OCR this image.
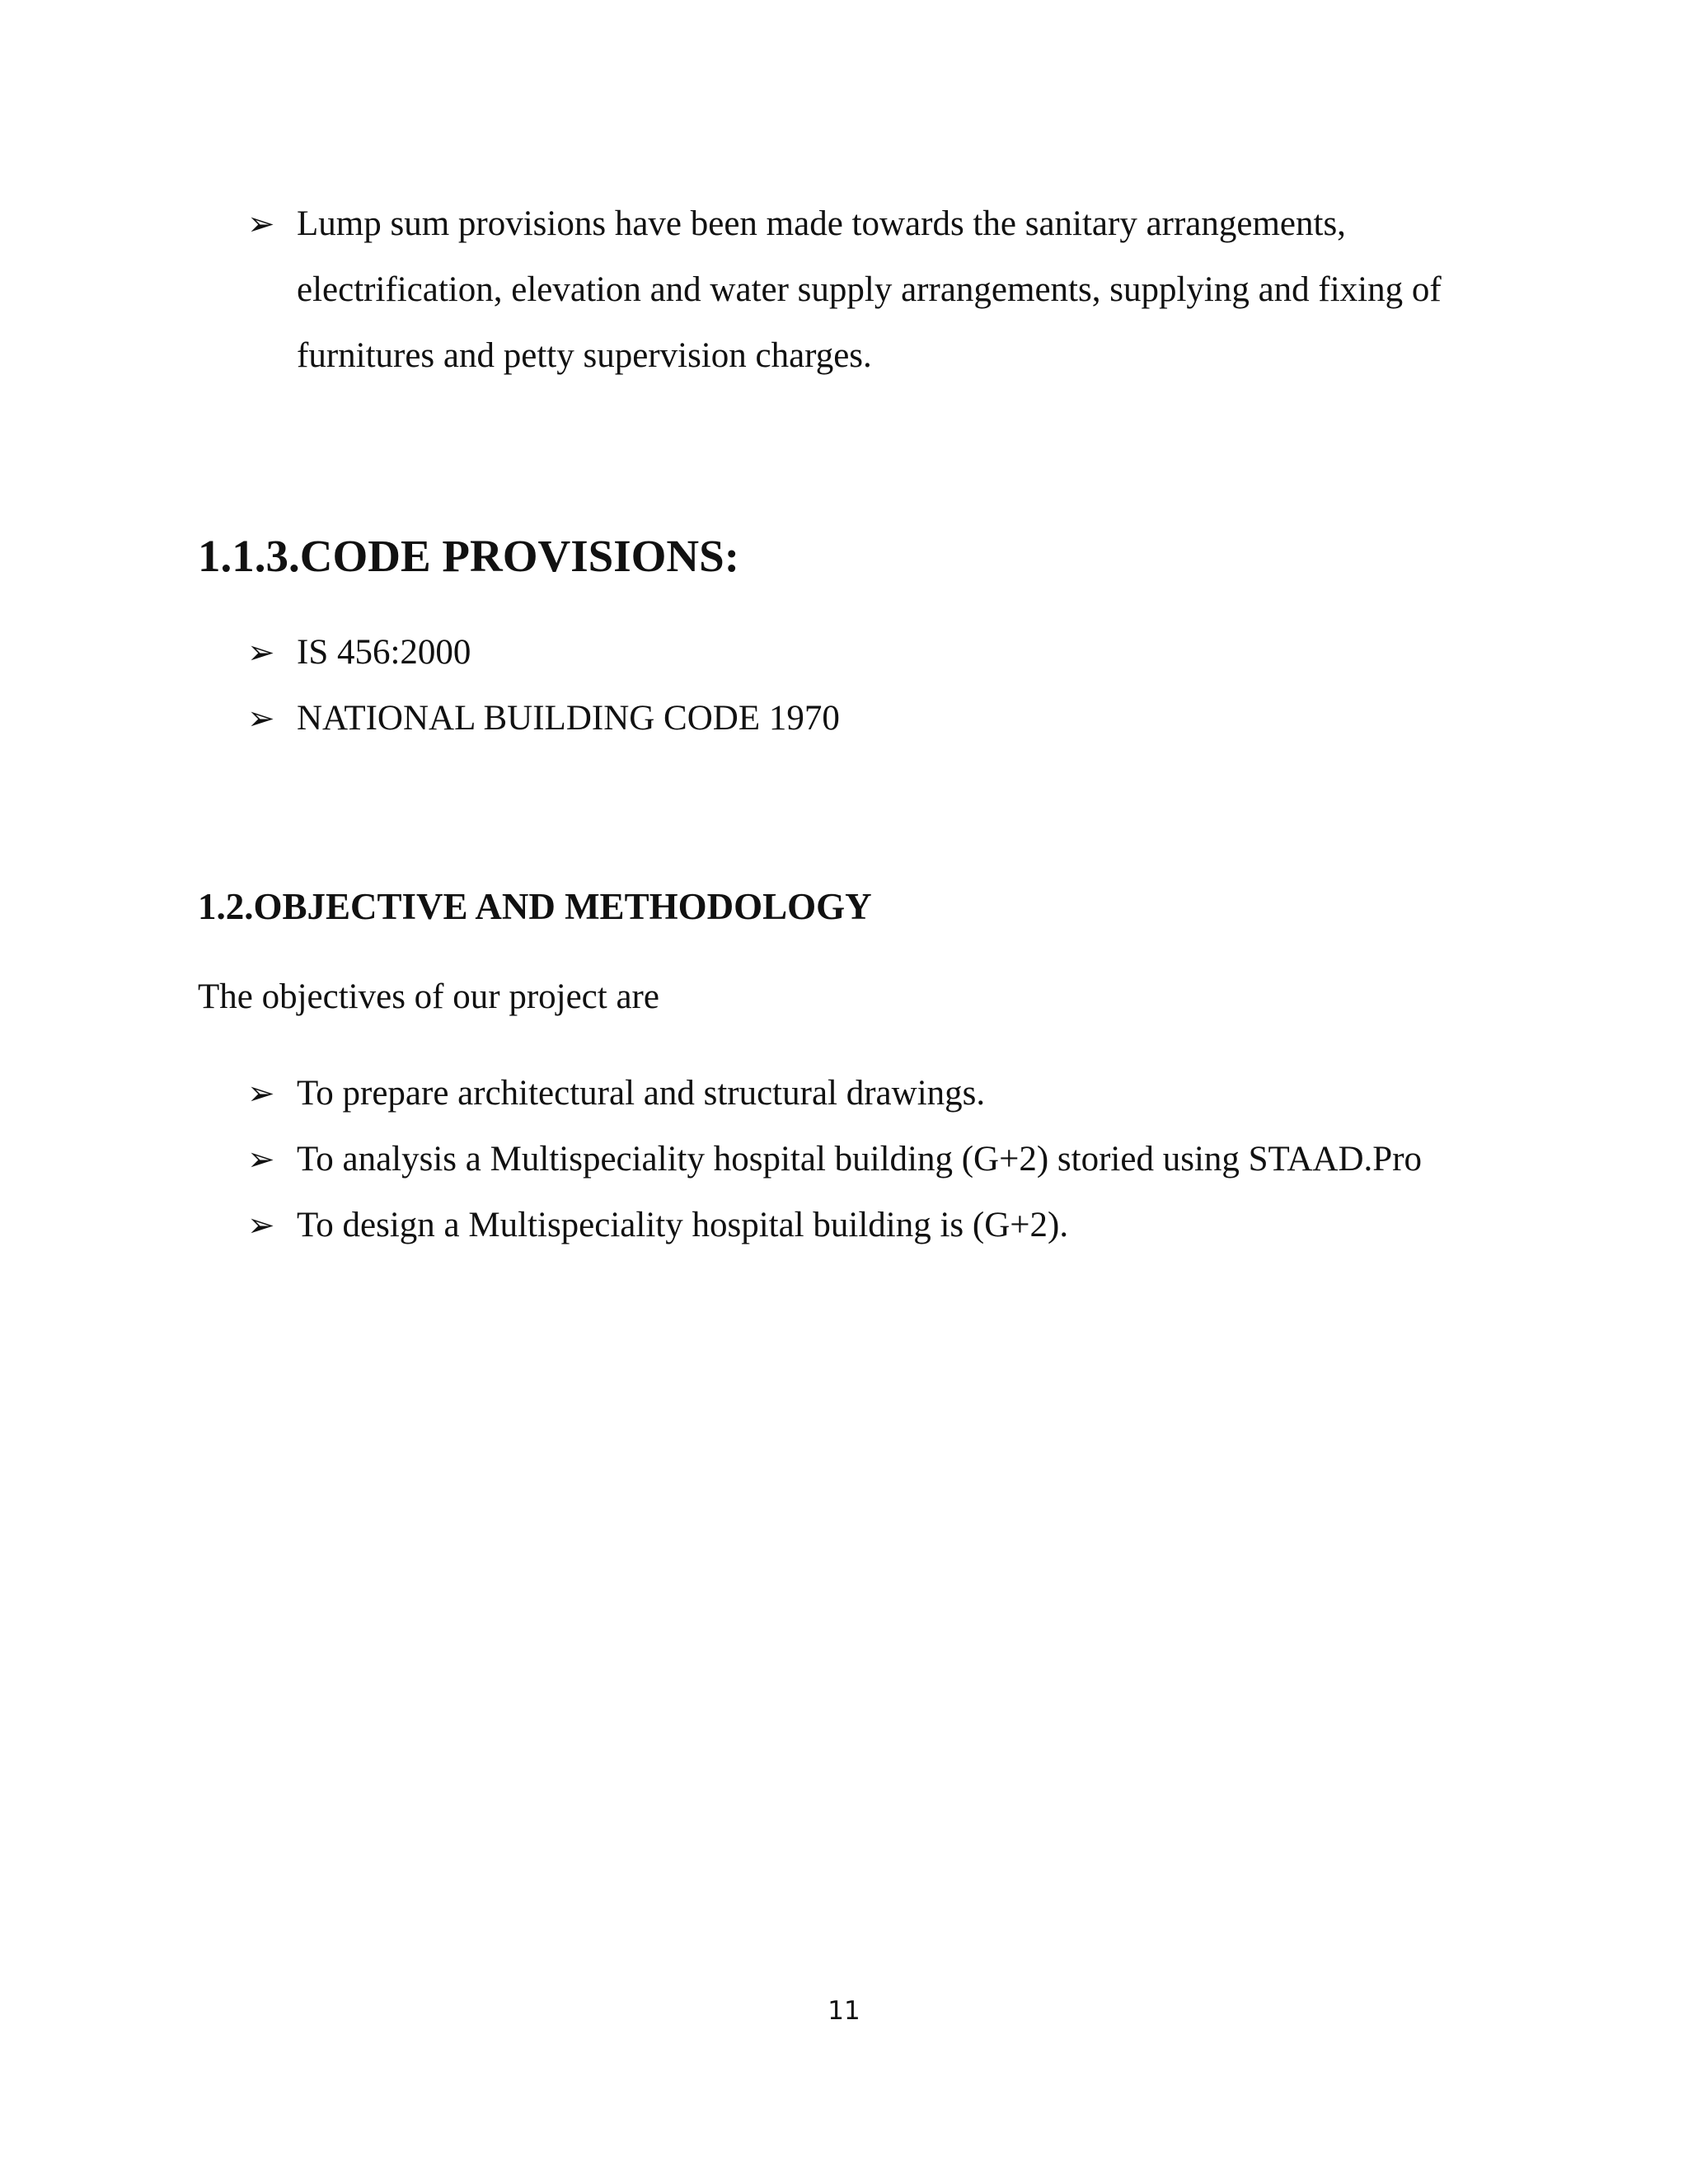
➢ Lump sum provisions have been made towards the sanitary arrangements, electrification, elevation and water supply arrangements, supplying and fixing of furnitures and petty supervision charges.
1.1.3.CODE PROVISIONS:
➢ IS 456:2000
➢ NATIONAL BUILDING CODE 1970
1.2.OBJECTIVE AND METHODOLOGY

The objectives of our project are

➢ To prepare architectural and structural drawings.
➢ To analysis a Multispeciality hospital building (G+2) storied using STAAD.Pro
➢ To design a Multispeciality hospital building is (G+2).
11
